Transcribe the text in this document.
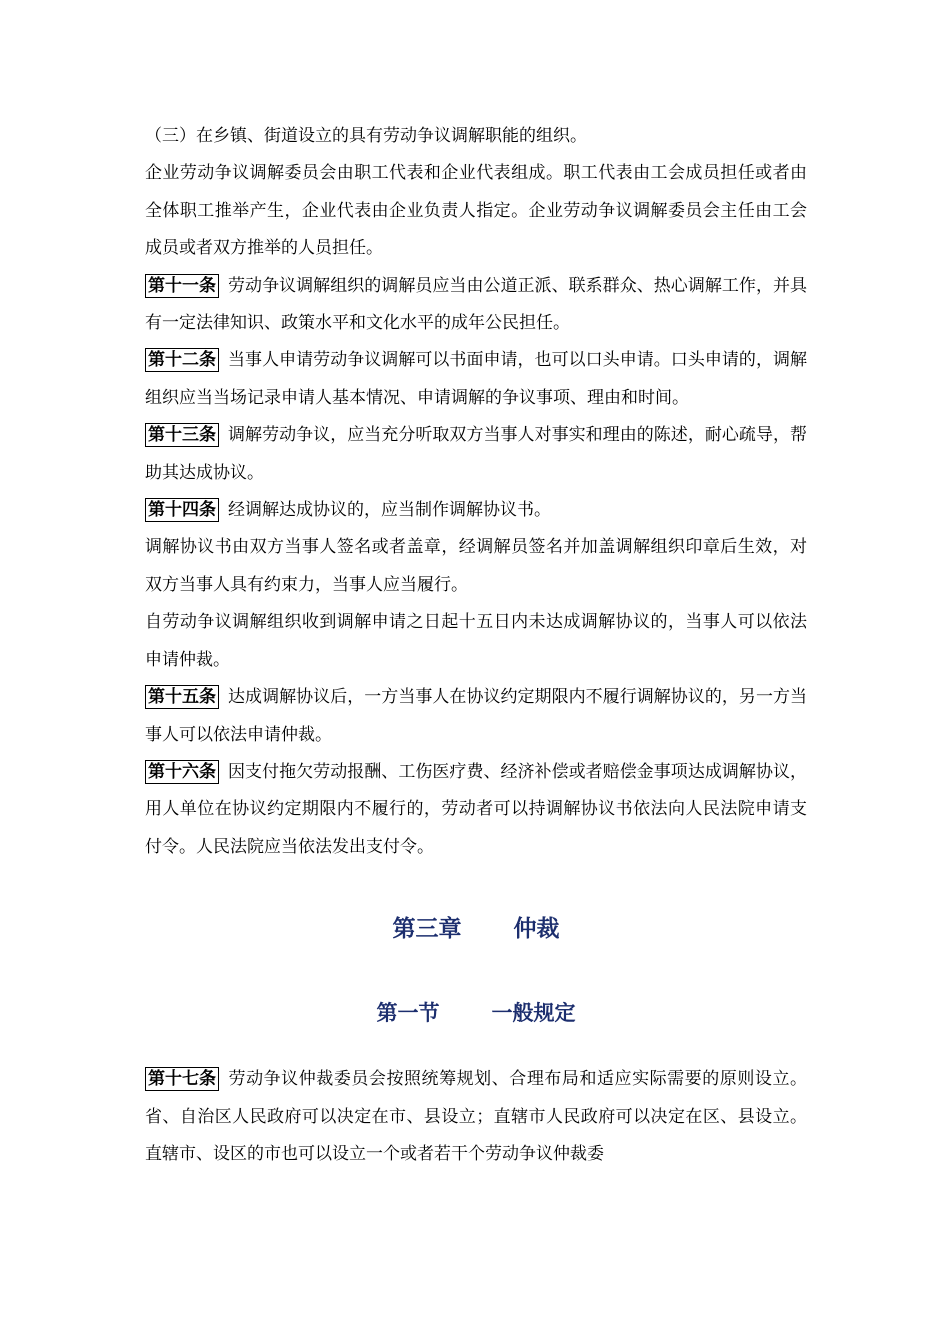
（三）在乡镇、街道设立的具有劳动争议调解职能的组织。

企业劳动争议调解委员会由职工代表和企业代表组成。职工代表由工会成员担任或者由全体职工推举产生，企业代表由企业负责人指定。企业劳动争议调解委员会主任由工会成员或者双方推举的人员担任。

第十一条 劳动争议调解组织的调解员应当由公道正派、联系群众、热心调解工作，并具有一定法律知识、政策水平和文化水平的成年公民担任。

第十二条 当事人申请劳动争议调解可以书面申请，也可以口头申请。口头申请的，调解组织应当当场记录申请人基本情况、申请调解的争议事项、理由和时间。

第十三条 调解劳动争议，应当充分听取双方当事人对事实和理由的陈述，耐心疏导，帮助其达成协议。

第十四条 经调解达成协议的，应当制作调解协议书。

调解协议书由双方当事人签名或者盖章，经调解员签名并加盖调解组织印章后生效，对双方当事人具有约束力，当事人应当履行。

自劳动争议调解组织收到调解申请之日起十五日内未达成调解协议的，当事人可以依法申请仲裁。

第十五条 达成调解协议后，一方当事人在协议约定期限内不履行调解协议的，另一方当事人可以依法申请仲裁。

第十六条 因支付拖欠劳动报酬、工伤医疗费、经济补偿或者赔偿金事项达成调解协议，用人单位在协议约定期限内不履行的，劳动者可以持调解协议书依法向人民法院申请支付令。人民法院应当依法发出支付令。

第三章 仲裁
第一节 一般规定

第十七条 劳动争议仲裁委员会按照统筹规划、合理布局和适应实际需要的原则设立。省、自治区人民政府可以决定在市、县设立；直辖市人民政府可以决定在区、县设立。直辖市、设区的市也可以设立一个或者若干个劳动争议仲裁委
